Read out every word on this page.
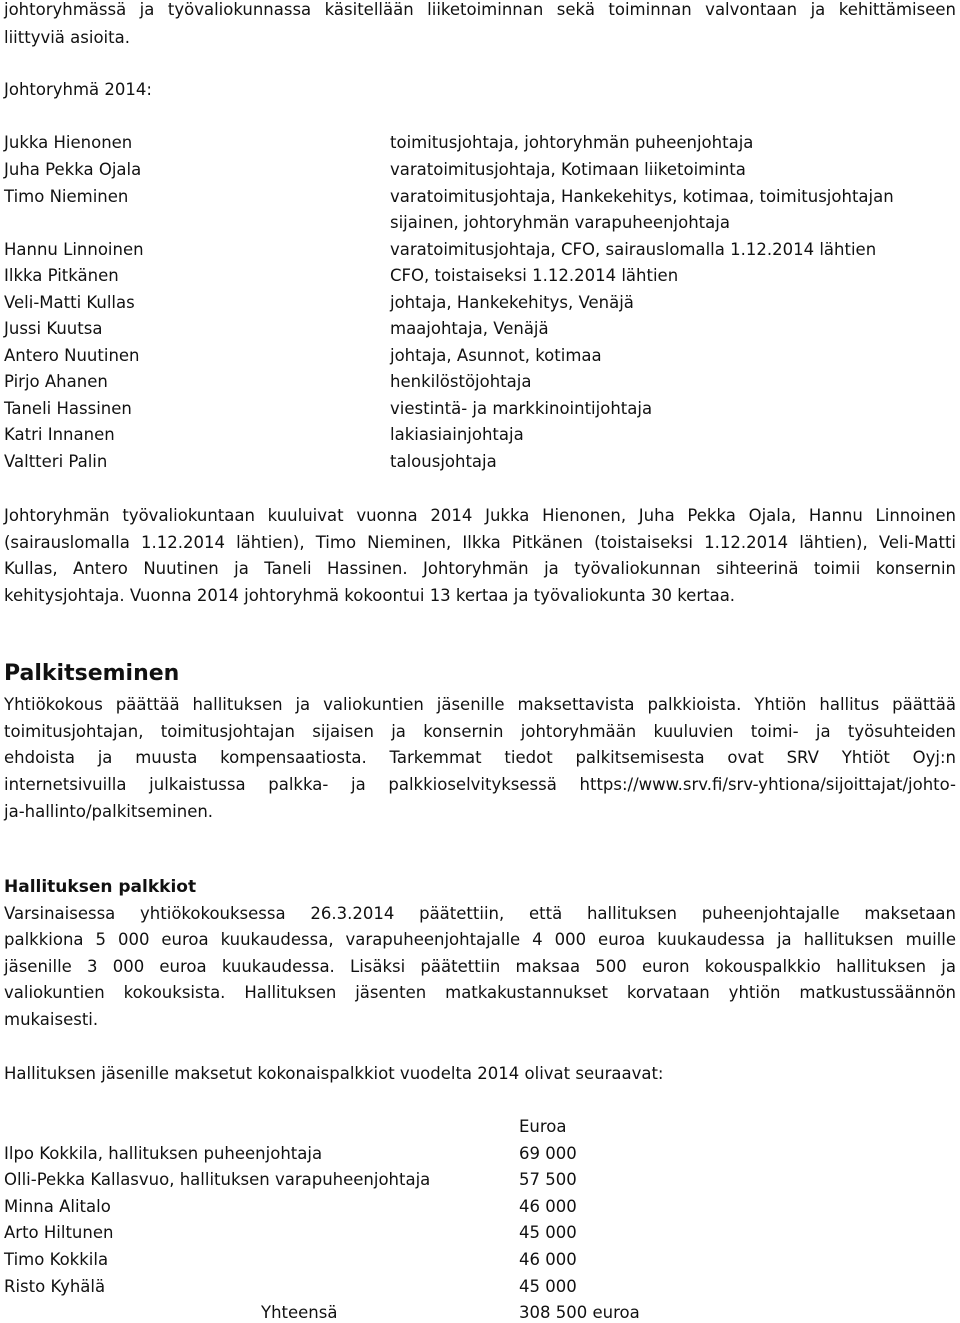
johtoryhmässä ja työvaliokunnassa käsitellään liiketoiminnan sekä toiminnan valvontaan ja kehittämiseen
liittyviä asioita.
Johtoryhmä 2014:
Jukka Hienonen	toimitusjohtaja, johtoryhmän puheenjohtaja
Juha Pekka Ojala	varatoimitusjohtaja, Kotimaan liiketoiminta
Timo Nieminen	varatoimitusjohtaja, Hankekehitys, kotimaa, toimitusjohtajan
sijainen, johtoryhmän varapuheenjohtaja
Hannu Linnoinen	varatoimitusjohtaja, CFO, sairauslomalla 1.12.2014 lähtien
Ilkka Pitkänen	CFO, toistaiseksi 1.12.2014 lähtien
Veli-Matti Kullas	johtaja, Hankekehitys, Venäjä
Jussi Kuutsa	maajohtaja, Venäjä
Antero Nuutinen	johtaja, Asunnot, kotimaa
Pirjo Ahanen	henkilöstöjohtaja
Taneli Hassinen	viestintä- ja markkinointijohtaja
Katri Innanen	lakiasiainjohtaja
Valtteri Palin	talousjohtaja
Johtoryhmän työvaliokuntaan kuuluivat vuonna 2014 Jukka Hienonen, Juha Pekka Ojala, Hannu Linnoinen
(sairauslomalla 1.12.2014 lähtien), Timo Nieminen, Ilkka Pitkänen (toistaiseksi 1.12.2014 lähtien), Veli-Matti
Kullas, Antero Nuutinen ja Taneli Hassinen. Johtoryhmän ja työvaliokunnan sihteerinä toimii konsernin
kehitysjohtaja. Vuonna 2014 johtoryhmä kokoontui 13 kertaa ja työvaliokunta 30 kertaa.
Palkitseminen
Yhtiökokous päättää hallituksen ja valiokuntien jäsenille maksettavista palkkioista. Yhtiön hallitus päättää
toimitusjohtajan, toimitusjohtajan sijaisen ja konsernin johtoryhmään kuuluvien toimi- ja työsuhteiden
ehdoista ja muusta kompensaatiosta. Tarkemmat tiedot palkitsemisesta ovat SRV Yhtiöt Oyj:n
internetsivuilla julkaistussa palkka- ja palkkioselvityksessä https://www.srv.fi/srv-yhtiona/sijoittajat/johto-
ja-hallinto/palkitseminen.
Hallituksen palkkiot
Varsinaisessa yhtiökokouksessa 26.3.2014 päätettiin, että hallituksen puheenjohtajalle maksetaan
palkkiona 5 000 euroa kuukaudessa, varapuheenjohtajalle 4 000 euroa kuukaudessa ja hallituksen muille
jäsenille 3 000 euroa kuukaudessa. Lisäksi päätettiin maksaa 500 euron kokouspalkkio hallituksen ja
valiokuntien kokouksista. Hallituksen jäsenten matkakustannukset korvataan yhtiön matkustussäännön
mukaisesti.
Hallituksen jäsenille maksetut kokonaispalkkiot vuodelta 2014 olivat seuraavat:
Euroa
Ilpo Kokkila, hallituksen puheenjohtaja	69 000
Olli-Pekka Kallasvuo, hallituksen varapuheenjohtaja	57 500
Minna Alitalo	46 000
Arto Hiltunen	45 000
Timo Kokkila	46 000
Risto Kyhälä	45 000
Yhteensä	308 500 euroa
